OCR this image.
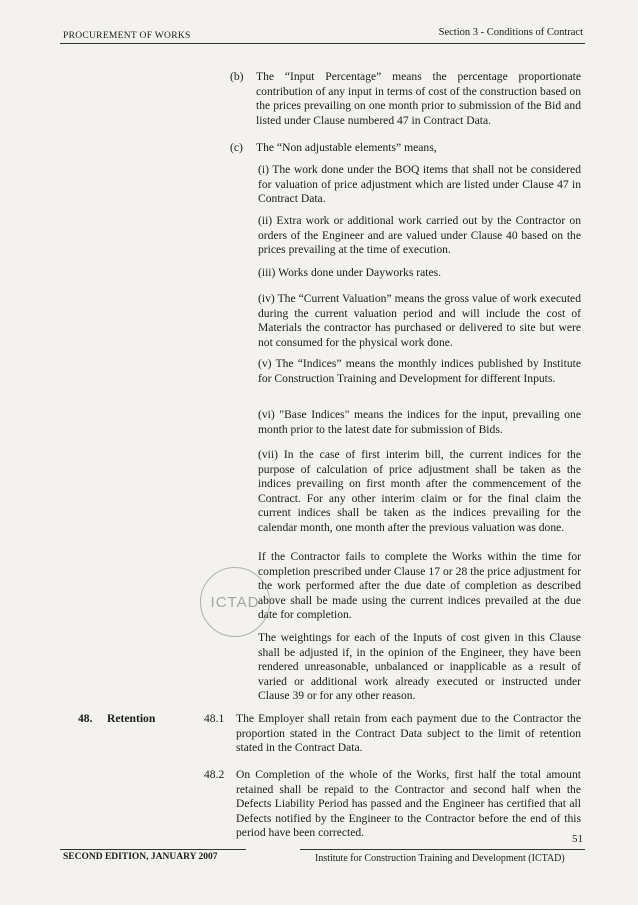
PROCUREMENT OF WORKS	Section 3 - Conditions of Contract
(b) The “Input Percentage” means the percentage proportionate contribution of any input in terms of cost of the construction based on the prices prevailing on one month prior to submission of the Bid and listed under Clause numbered 47 in Contract Data.

(c) The “Non adjustable elements” means,

(i) The work done under the BOQ items that shall not be considered for valuation of price adjustment which are listed under Clause 47 in Contract Data.

(ii) Extra work or additional work carried out by the Contractor on orders of the Engineer and are valued under Clause 40 based on the prices prevailing at the time of execution.

(iii) Works done under Dayworks rates.

(iv) The “Current Valuation” means the gross value of work executed during the current valuation period and will include the cost of Materials the contractor has purchased or delivered to site but were not consumed for the physical work done.

(v) The “Indices” means the monthly indices published by Institute for Construction Training and Development for different Inputs.

(vi) "Base Indices" means the indices for the input, prevailing one month prior to the latest date for submission of Bids.

(vii) In the case of first interim bill, the current indices for the purpose of calculation of price adjustment shall be taken as the indices prevailing on first month after the commencement of the Contract. For any other interim claim or for the final claim the current indices shall be taken as the indices prevailing for the calendar month, one month after the previous valuation was done.

If the Contractor fails to complete the Works within the time for completion prescribed under Clause 17 or 28 the price adjustment for the work performed after the due date of completion as described above shall be made using the current indices prevailed at the due date for completion.

ICTAD

The weightings for each of the Inputs of cost given in this Clause shall be adjusted if, in the opinion of the Engineer, they have been rendered unreasonable, unbalanced or inapplicable as a result of varied or additional work already executed or instructed under Clause 39 or for any other reason.

48. Retention	48.1 The Employer shall retain from each payment due to the Contractor the proportion stated in the Contract Data subject to the limit of retention stated in the Contract Data.

48.2 On Completion of the whole of the Works, first half the total amount retained shall be repaid to the Contractor and second half when the Defects Liability Period has passed and the Engineer has certified that all Defects notified by the Engineer to the Contractor before the end of this period have been corrected.	51
SECOND EDITION, JANUARY 2007	Institute for Construction Training and Development (ICTAD)
